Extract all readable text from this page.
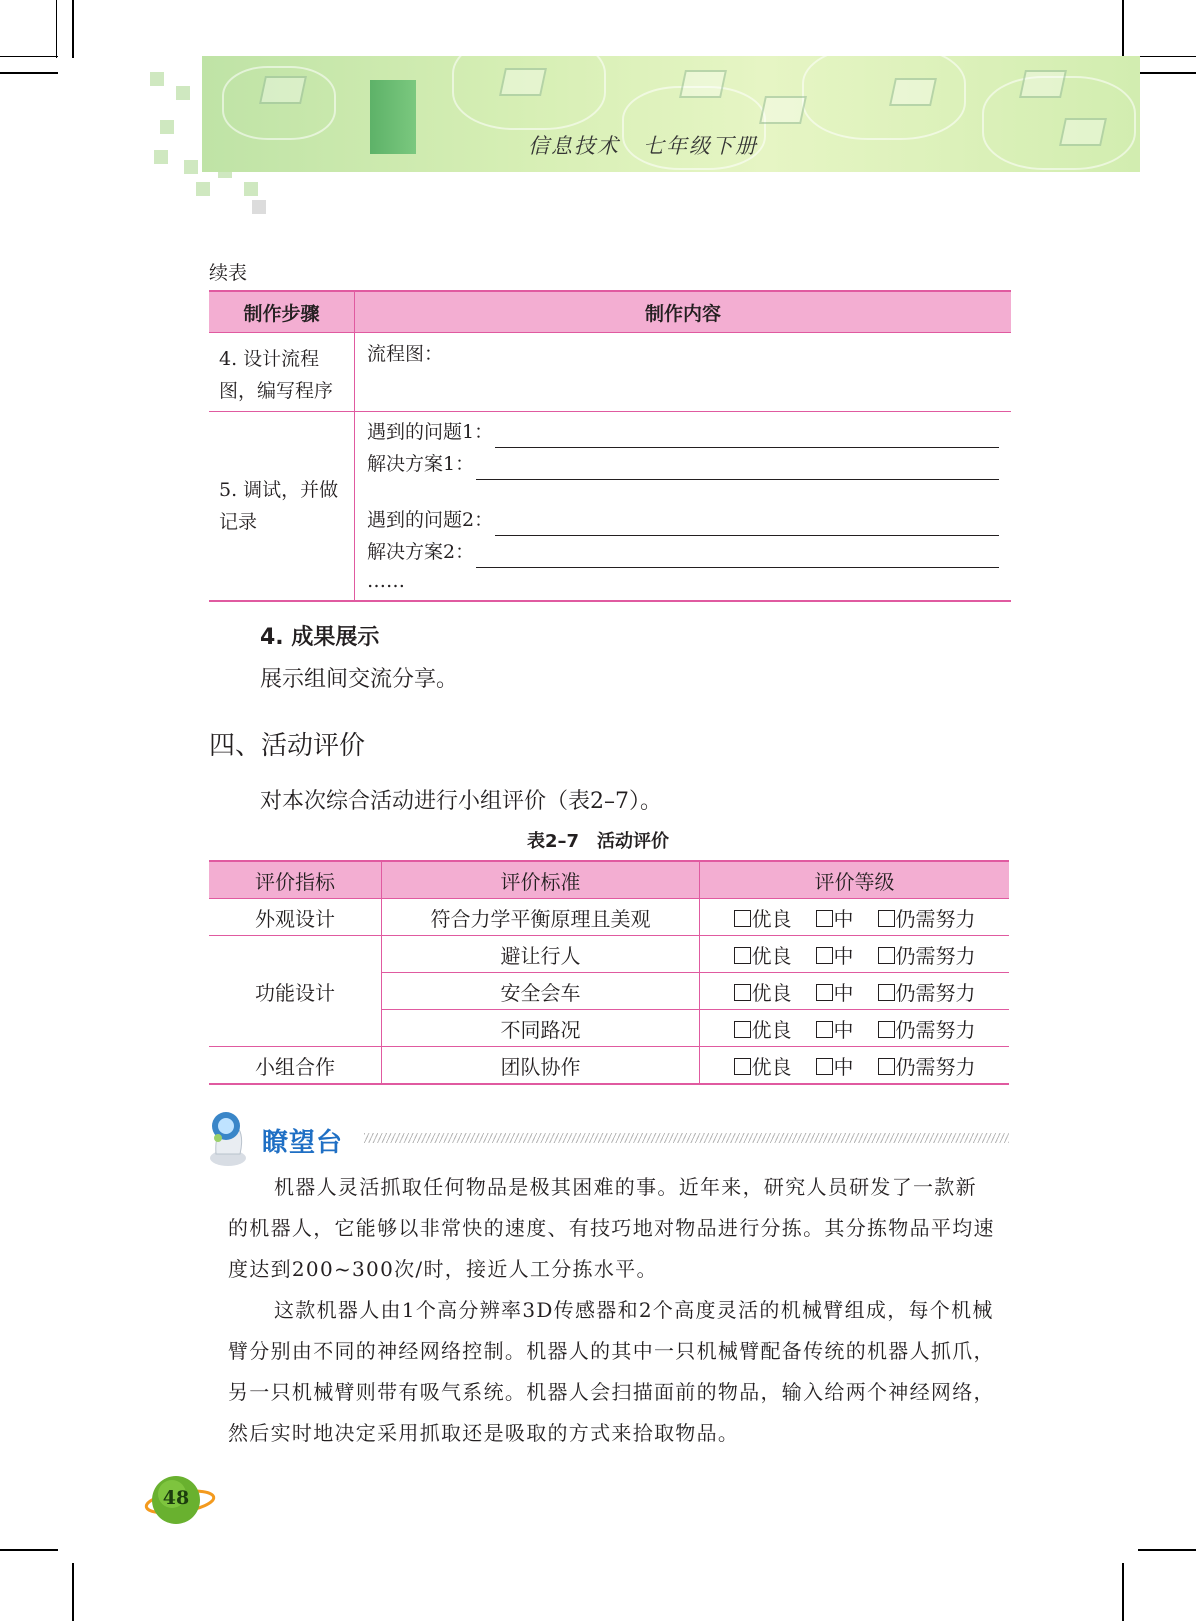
信息技术　七年级下册
续表
制作步骤	制作内容
4. 设计流程图，编写程序	流程图：

5. 调试，并做记录	遇到的问题1：
解决方案1：
遇到的问题2：
解决方案2：
……
4. 成果展示
展示组间交流分享。
四、活动评价
对本次综合活动进行小组评价（表2–7）。
表2–7　活动评价
评价指标	评价标准	评价等级
外观设计	符合力学平衡原理且美观	优良 中 仍需努力
功能设计	避让行人	优良 中 仍需努力
	安全会车	优良 中 仍需努力
	不同路况	优良 中 仍需努力
小组合作	团队协作	优良 中 仍需努力
瞭望台
机器人灵活抓取任何物品是极其困难的事。近年来，研究人员研发了一款新的机器人，它能够以非常快的速度、有技巧地对物品进行分拣。其分拣物品平均速度达到200~300次/时，接近人工分拣水平。
这款机器人由1个高分辨率3D传感器和2个高度灵活的机械臂组成，每个机械臂分别由不同的神经网络控制。机器人的其中一只机械臂配备传统的机器人抓爪，另一只机械臂则带有吸气系统。机器人会扫描面前的物品，输入给两个神经网络，然后实时地决定采用抓取还是吸取的方式来拾取物品。
48
